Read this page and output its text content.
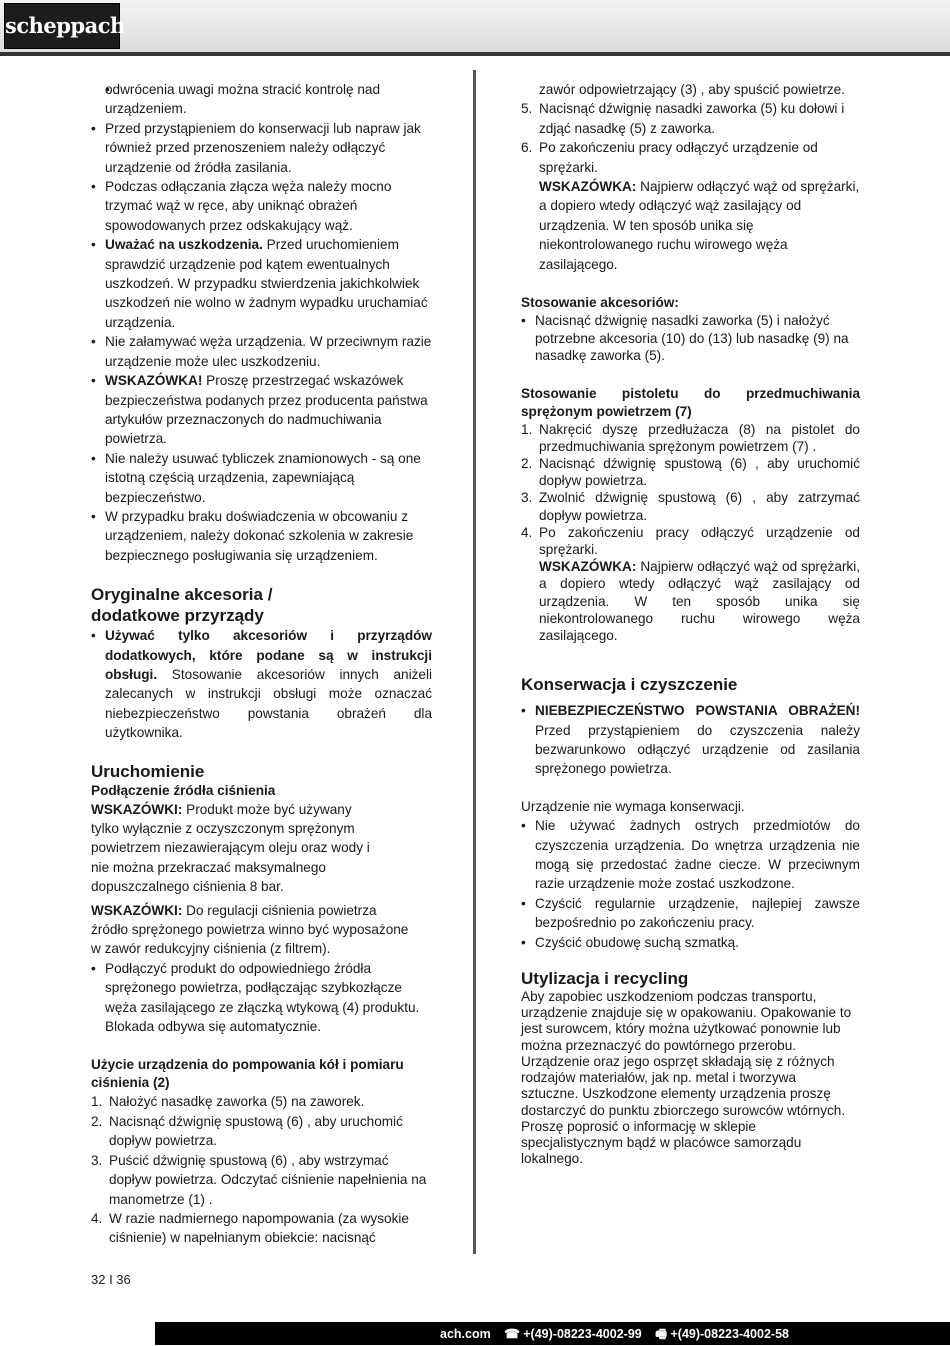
scheppach
• odwrócenia uwagi można stracić kontrolę nad urządzeniem.
• Przed przystąpieniem do konserwacji lub napraw jak również przed przenoszeniem należy odłączyć urządzenie od źródła zasilania.
• Podczas odłączania złącza węża należy mocno trzymać wąż w ręce, aby uniknąć obrażeń spowodowanych przez odskakujący wąż.
• Uważać na uszkodzenia. Przed uruchomieniem sprawdzić urządzenie pod kątem ewentualnych uszkodzeń. W przypadku stwierdzenia jakichkolwiek uszkodzeń nie wolno w żadnym wypadku uruchamiać urządzenia.
• Nie załamywać węża urządzenia. W przeciwnym razie urządzenie może ulec uszkodzeniu.
• WSKAZÓWKA! Proszę przestrzegać wskazówek bezpieczeństwa podanych przez producenta państwa artykułów przeznaczonych do nadmuchiwania powietrza.
• Nie należy usuwać tybliczek znamionowych - są one istotną częścią urządzenia, zapewniającą bezpieczeństwo.
• W przypadku braku doświadczenia w obcowaniu z urządzeniem, należy dokonać szkolenia w zakresie bezpiecznego posługiwania się urządzeniem.
Oryginalne akcesoria / dodatkowe przyrządy
• Używać tylko akcesoriów i przyrządów dodatkowych, które podane są w instrukcji obsługi. Stosowanie akcesoriów innych aniżeli zalecanych w instrukcji obsługi może oznaczać niebezpieczeństwo powstania obrażeń dla użytkownika.
Uruchomienie
Podłączenie źródła ciśnienia

WSKAZÓWKI: Produkt może być używany tylko wyłącznie z oczyszczonym sprężonym powietrzem niezawierającym oleju oraz wody i nie można przekraczać maksymalnego dopuszczalnego ciśnienia 8 bar.

WSKAZÓWKI: Do regulacji ciśnienia powietrza źródło sprężonego powietrza winno być wyposażone w zawór redukcyjny ciśnienia (z filtrem).

• Podłączyć produkt do odpowiedniego źródła sprężonego powietrza, podłączając szybkozłącze węża zasilającego ze złączką wtykową (4) produktu. Blokada odbywa się automatycznie.
Użycie urządzenia do pompowania kół i pomiaru ciśnienia (2)
1. Nałożyć nasadkę zaworka (5) na zaworek.
2. Nacisnąć dźwignię spustową (6) , aby uruchomić dopływ powietrza.
3. Puścić dźwignię spustową (6) , aby wstrzymać dopływ powietrza. Odczytać ciśnienie napełnienia na manometrze (1) .
4. W razie nadmiernego napompowania (za wysokie ciśnienie) w napełnianym obiekcie: nacisnąć

zawór odpowietrzający (3) , aby spuścić powietrze.

5. Nacisnąć dźwignię nasadki zaworka (5) ku dołowi i zdjąć nasadkę (5) z zaworka.
6. Po zakończeniu pracy odłączyć urządzenie od sprężarki.

WSKAZÓWKA: Najpierw odłączyć wąż od sprężarki, a dopiero wtedy odłączyć wąż zasilający od urządzenia. W ten sposób unika się niekontrolowanego ruchu wirowego węża zasilającego.

Stosowanie akcesoriów:
• Nacisnąć dźwignię nasadki zaworka (5) i nałożyć potrzebne akcesoria (10) do (13) lub nasadkę (9) na nasadkę zaworka (5).
Stosowanie pistoletu do przedmuchiwania sprężonym powietrzem (7)
1. Nakręcić dyszę przedłużacza (8) na pistolet do przedmuchiwania sprężonym powietrzem (7) .
2. Nacisnąć dźwignię spustową (6) , aby uruchomić dopływ powietrza.
3. Zwolnić dźwignię spustową (6) , aby zatrzymać dopływ powietrza.
4. Po zakończeniu pracy odłączyć urządzenie od sprężarki.

WSKAZÓWKA: Najpierw odłączyć wąż od sprężarki, a dopiero wtedy odłączyć wąż zasilający od urządzenia. W ten sposób unika się niekontrolowanego ruchu wirowego węża zasilającego.

Konserwacja i czyszczenie
• NIEBEZPIECZEŃSTWO POWSTANIA OBRAŻEŃ! Przed przystąpieniem do czyszczenia należy bezwarunkowo odłączyć urządzenie od zasilania sprężonego powietrza.

Urządzenie nie wymaga konserwacji.

• Nie używać żadnych ostrych przedmiotów do czyszczenia urządzenia. Do wnętrza urządzenia nie mogą się przedostać żadne ciecze. W przeciwnym razie urządzenie może zostać uszkodzone.
• Czyścić regularnie urządzenie, najlepiej zawsze bezpośrednio po zakończeniu pracy.
• Czyścić obudowę suchą szmatką.
Utylizacja i recycling

Aby zapobiec uszkodzeniom podczas transportu, urządzenie znajduje się w opakowaniu. Opakowanie to jest surowcem, który można użytkować ponownie lub można przeznaczyć do powtórnego przerobu. Urządzenie oraz jego osprzęt składają się z różnych rodzajów materiałów, jak np. metal i tworzywa sztuczne. Uszkodzone elementy urządzenia proszę dostarczyć do punktu zbiorczego surowców wtórnych. Proszę poprosić o informację w sklepie specjalistycznym bądź w placówce samorządu lokalnego.

32 I 36
ach.com ☎ +(49)-08223-4002-99 🖷 +(49)-08223-4002-58
